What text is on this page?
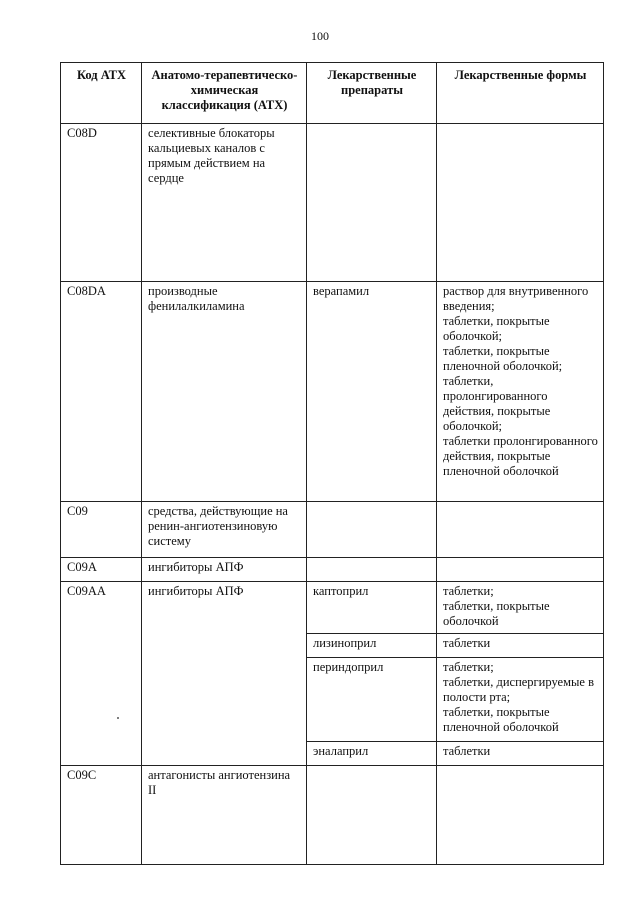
100
Код АТХ	Анатомо-терапевтическо-химическая классификация (АТХ)	Лекарственные препараты	Лекарственные формы
C08D	селективные блокаторы кальциевых каналов с прямым действием на сердце		
C08DA	производные фенилалкиламина	верапамил	раствор для внутривенного введения;
таблетки, покрытые оболочкой;
таблетки, покрытые пленочной оболочкой;
таблетки, пролонгированного действия, покрытые оболочкой;
таблетки пролонгированного действия, покрытые пленочной оболочкой

C09	средства, действующие на ренин-ангиотензиновую систему		
C09A	ингибиторы АПФ		
C09AA	ингибиторы АПФ	каптоприл	таблетки;
таблетки, покрытые оболочкой

		лизиноприл	таблетки

		периндоприл	таблетки;
таблетки, диспергируемые в полости рта;
таблетки, покрытые пленочной оболочкой

		эналаприл	таблетки

C09C	антагонисты ангиотензина II		
